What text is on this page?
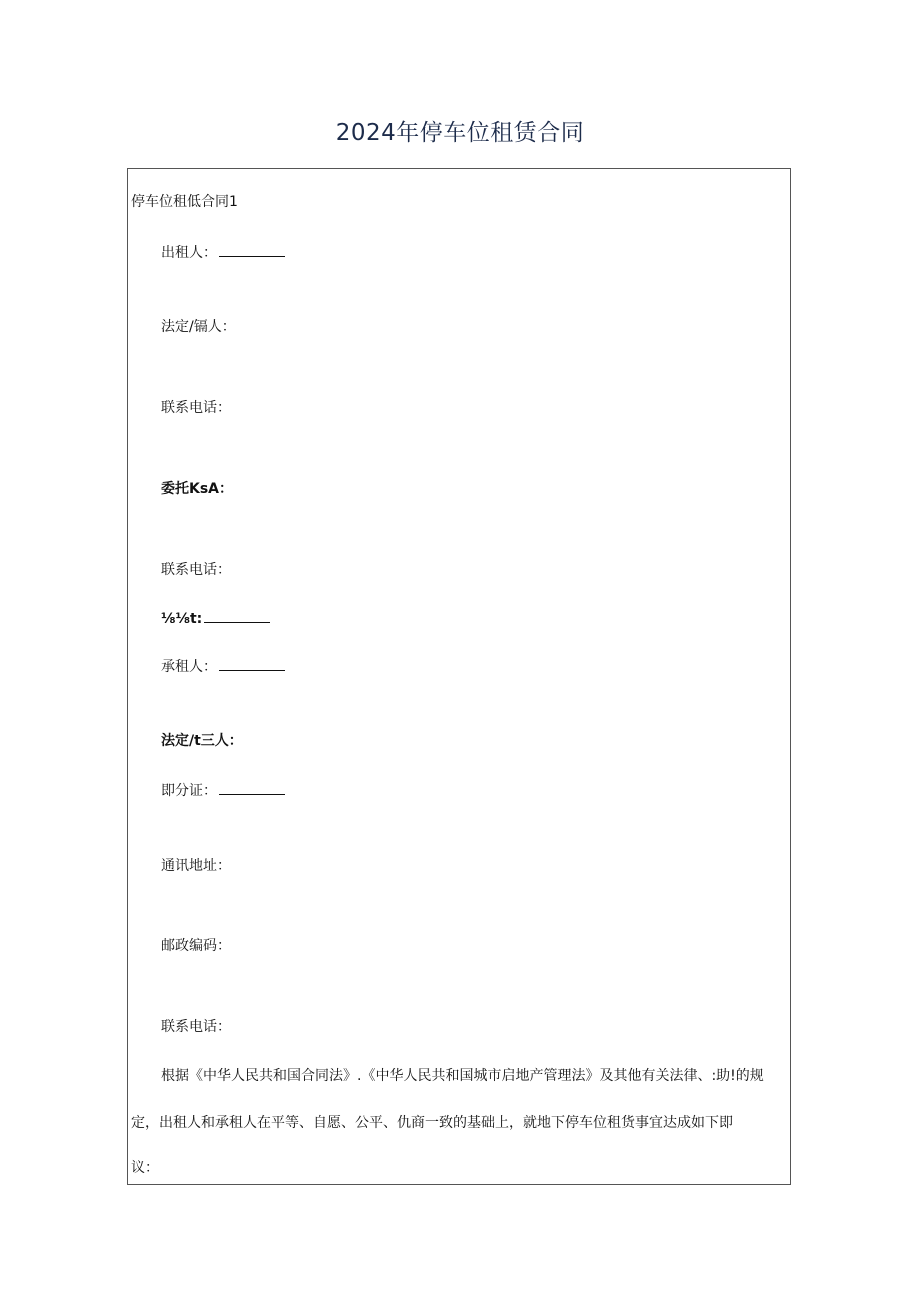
2024年停车位租赁合同
停车位租低合同1
出租人：
法定/镉人：
联系电话：
委托KsA：
联系电话：
⅛⅛t:
承租人：
法定/t三人：
即分证：
通讯地址：
邮政编码：
联系电话：
根据《中华人民共和国合同法》.《中华人民共和国城市启地产管理法》及其他有关法律、:助!的规
定，出租人和承租人在平等、自愿、公平、仇商一致的基础上，就地下停车位租货事宜达成如下即
议：
